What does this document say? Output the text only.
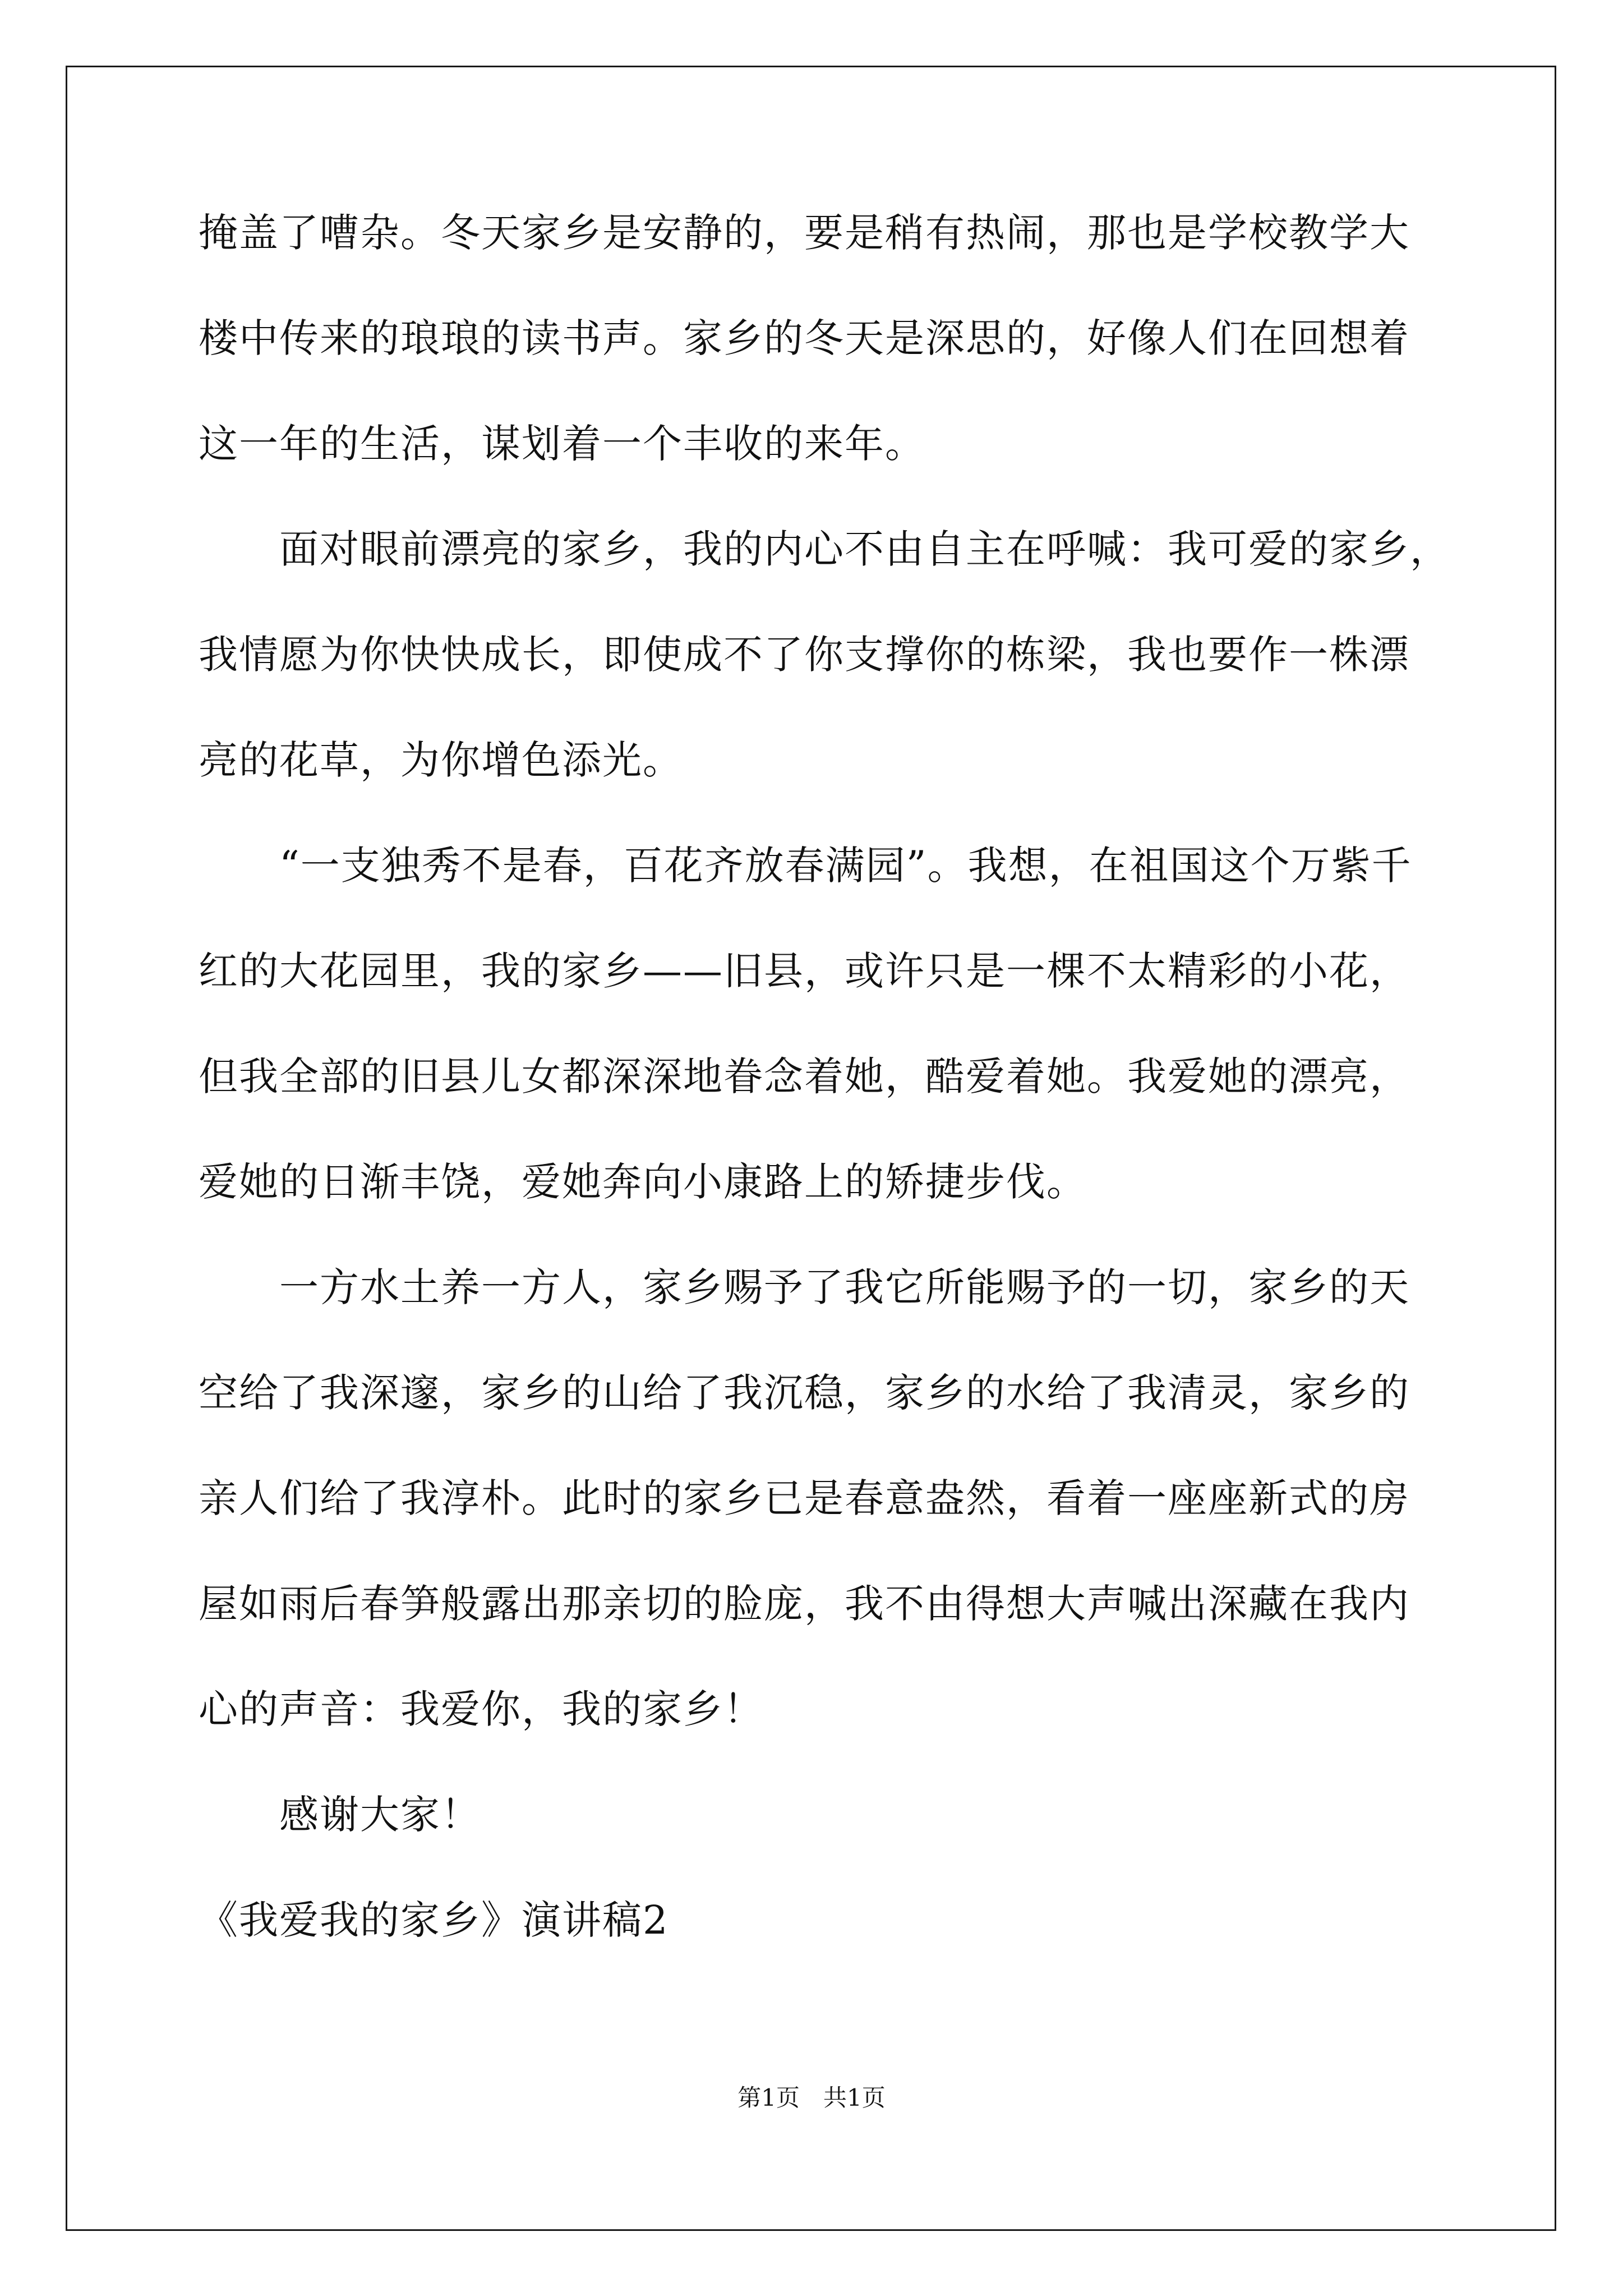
掩盖了嘈杂。冬天家乡是安静的，要是稍有热闹，那也是学校教学大
楼中传来的琅琅的读书声。家乡的冬天是深思的，好像人们在回想着
这一年的生活，谋划着一个丰收的来年。
　　面对眼前漂亮的家乡，我的内心不由自主在呼喊：我可爱的家乡，
我情愿为你快快成长，即使成不了你支撑你的栋梁，我也要作一株漂
亮的花草，为你增色添光。
　　“一支独秀不是春，百花齐放春满园”。我想，在祖国这个万紫千
红的大花园里，我的家乡——旧县，或许只是一棵不太精彩的小花，
但我全部的旧县儿女都深深地眷念着她，酷爱着她。我爱她的漂亮，
爱她的日渐丰饶，爱她奔向小康路上的矫捷步伐。
　　一方水土养一方人，家乡赐予了我它所能赐予的一切，家乡的天
空给了我深邃，家乡的山给了我沉稳，家乡的水给了我清灵，家乡的
亲人们给了我淳朴。此时的家乡已是春意盎然，看着一座座新式的房
屋如雨后春笋般露出那亲切的脸庞，我不由得想大声喊出深藏在我内
心的声音：我爱你，我的家乡！
　　感谢大家！
《我爱我的家乡》演讲稿2
第1页　共1页
